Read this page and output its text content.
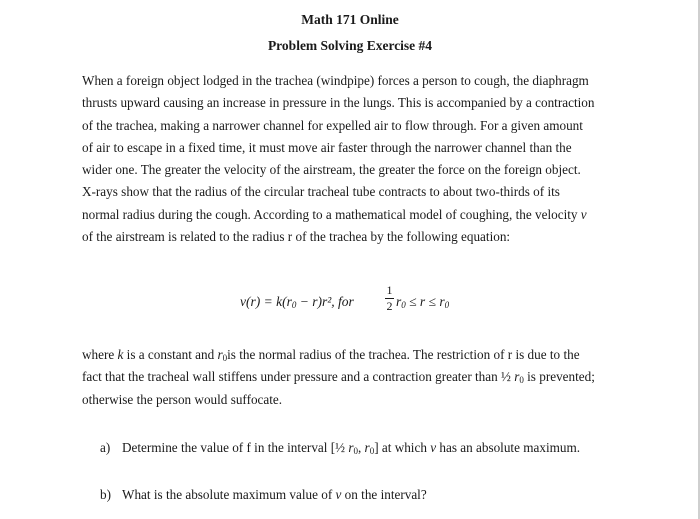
Math 171 Online
Problem Solving Exercise #4
When a foreign object lodged in the trachea (windpipe) forces a person to cough, the diaphragm
thrusts upward causing an increase in pressure in the lungs. This is accompanied by a contraction
of the trachea, making a narrower channel for expelled air to flow through. For a given amount
of air to escape in a fixed time, it must move air faster through the narrower channel than the
wider one. The greater the velocity of the airstream, the greater the force on the foreign object.
X-rays show that the radius of the circular tracheal tube contracts to about two-thirds of its
normal radius during the cough. According to a mathematical model of coughing, the velocity v
of the airstream is related to the radius r of the trachea by the following equation:
$v(r) = k(r_0 - r)r^2$, for
1
2 $r_0 \le r \le r_0$
where k is a constant and $r_0is$ the normal radius of the trachea. The restriction of r is due to the
fact that the tracheal wall stiffens under pressure and a contraction greater than ½ $r_0$ is prevented;
otherwise the person would suffocate.
a) Determine the value of f in the interval [½ $r_0$, $r_0$] at which v has an absolute maximum.
b) What is the absolute maximum value of v on the interval?
